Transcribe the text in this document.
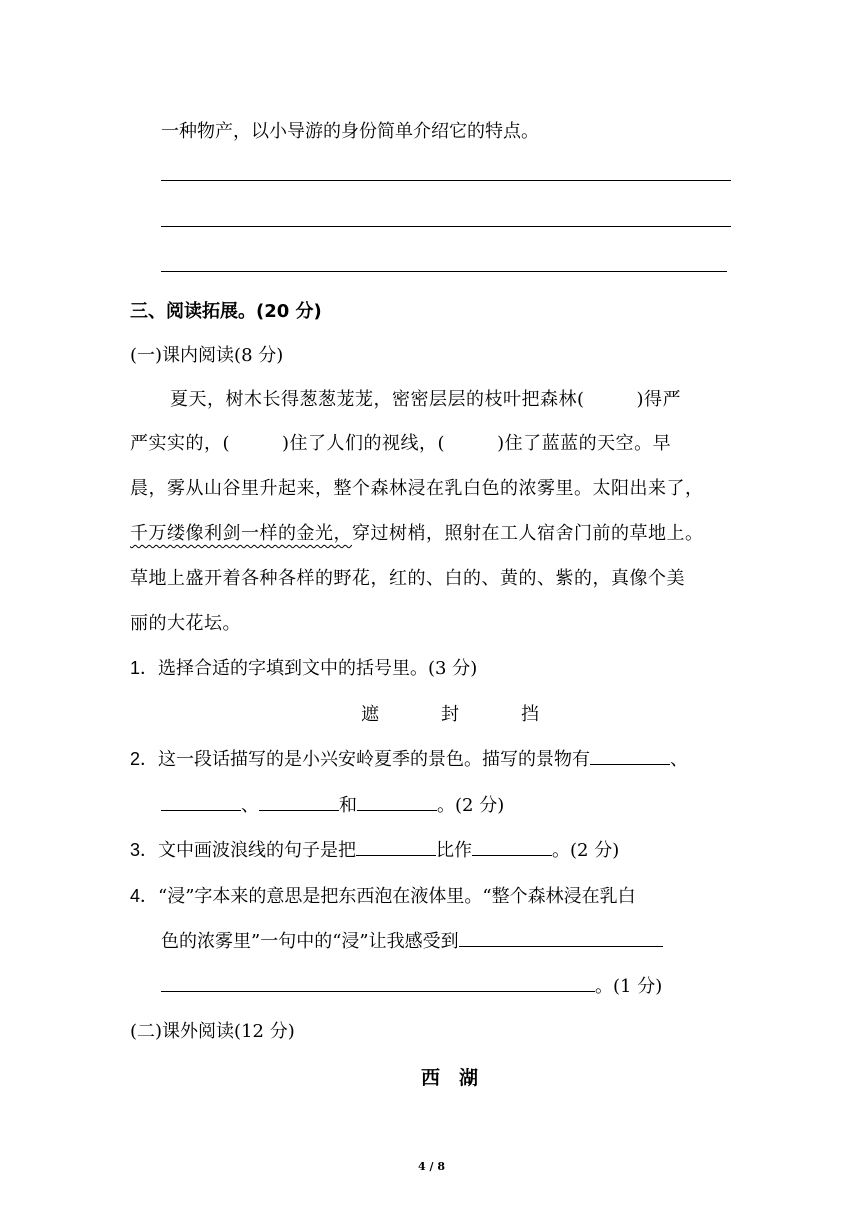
一种物产，以小导游的身份简单介绍它的特点。
三、阅读拓展。(20 分)
(一)课内阅读(8 分)
夏天，树木长得葱葱茏茏，密密层层的枝叶把森林(	)得严
严实实的，(	)住了人们的视线，(	)住了蓝蓝的天空。早
晨，雾从山谷里升起来，整个森林浸在乳白色的浓雾里。太阳出来了，
千万缕像利剑一样的金光，穿过树梢，照射在工人宿舍门前的草地上。
草地上盛开着各种各样的野花，红的、白的、黄的、紫的，真像个美
丽的大花坛。
1．选择合适的字填到文中的括号里。(3 分)
遮	封	挡
2．这一段话描写的是小兴安岭夏季的景色。描写的景物有	、
、	和	。(2 分)
3．文中画波浪线的句子是把	比作	。(2 分)
4．“浸”字本来的意思是把东西泡在液体里。“整个森林浸在乳白
色的浓雾里”一句中的“浸”让我感受到
。(1 分)
(二)课外阅读(12 分)
西　湖
4 / 8
